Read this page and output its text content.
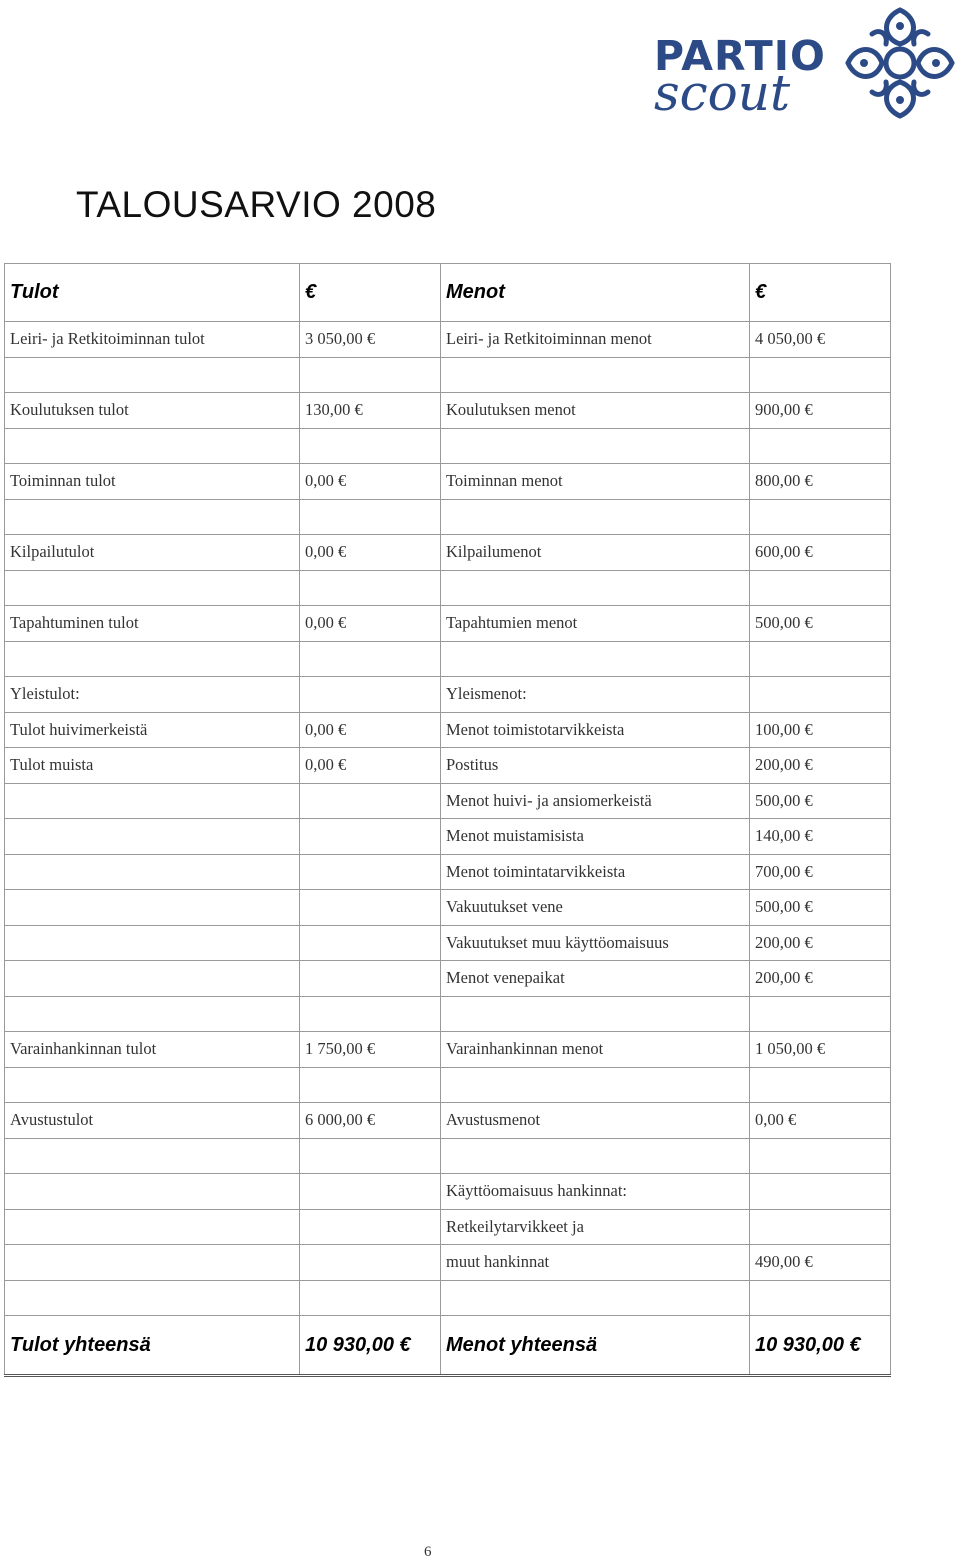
PARTIO
scout
TALOUSARVIO 2008
Tulot	€	Menot	€
Leiri- ja Retkitoiminnan tulot	3 050,00 €	Leiri- ja Retkitoiminnan menot	4 050,00 €

Koulutuksen tulot	130,00 €	Koulutuksen menot	900,00 €

Toiminnan tulot	0,00 €	Toiminnan menot	800,00 €

Kilpailutulot	0,00 €	Kilpailumenot	600,00 €

Tapahtuminen tulot	0,00 €	Tapahtumien menot	500,00 €

Yleistulot:		Yleismenot:	
Tulot huivimerkeistä	0,00 €	Menot toimistotarvikkeista	100,00 €
Tulot muista	0,00 €	Postitus	200,00 €
		Menot huivi- ja ansiomerkeistä	500,00 €
		Menot muistamisista	140,00 €
		Menot toimintatarvikkeista	700,00 €
		Vakuutukset vene	500,00 €
		Vakuutukset muu käyttöomaisuus	200,00 €
		Menot venepaikat	200,00 €

Varainhankinnan tulot	1 750,00 €	Varainhankinnan menot	1 050,00 €

Avustustulot	6 000,00 €	Avustusmenot	0,00 €

		Käyttöomaisuus hankinnat:	
		Retkeilytarvikkeet ja	
		muut hankinnat	490,00 €

Tulot yhteensä	10 930,00 €	Menot yhteensä	10 930,00 €
6
